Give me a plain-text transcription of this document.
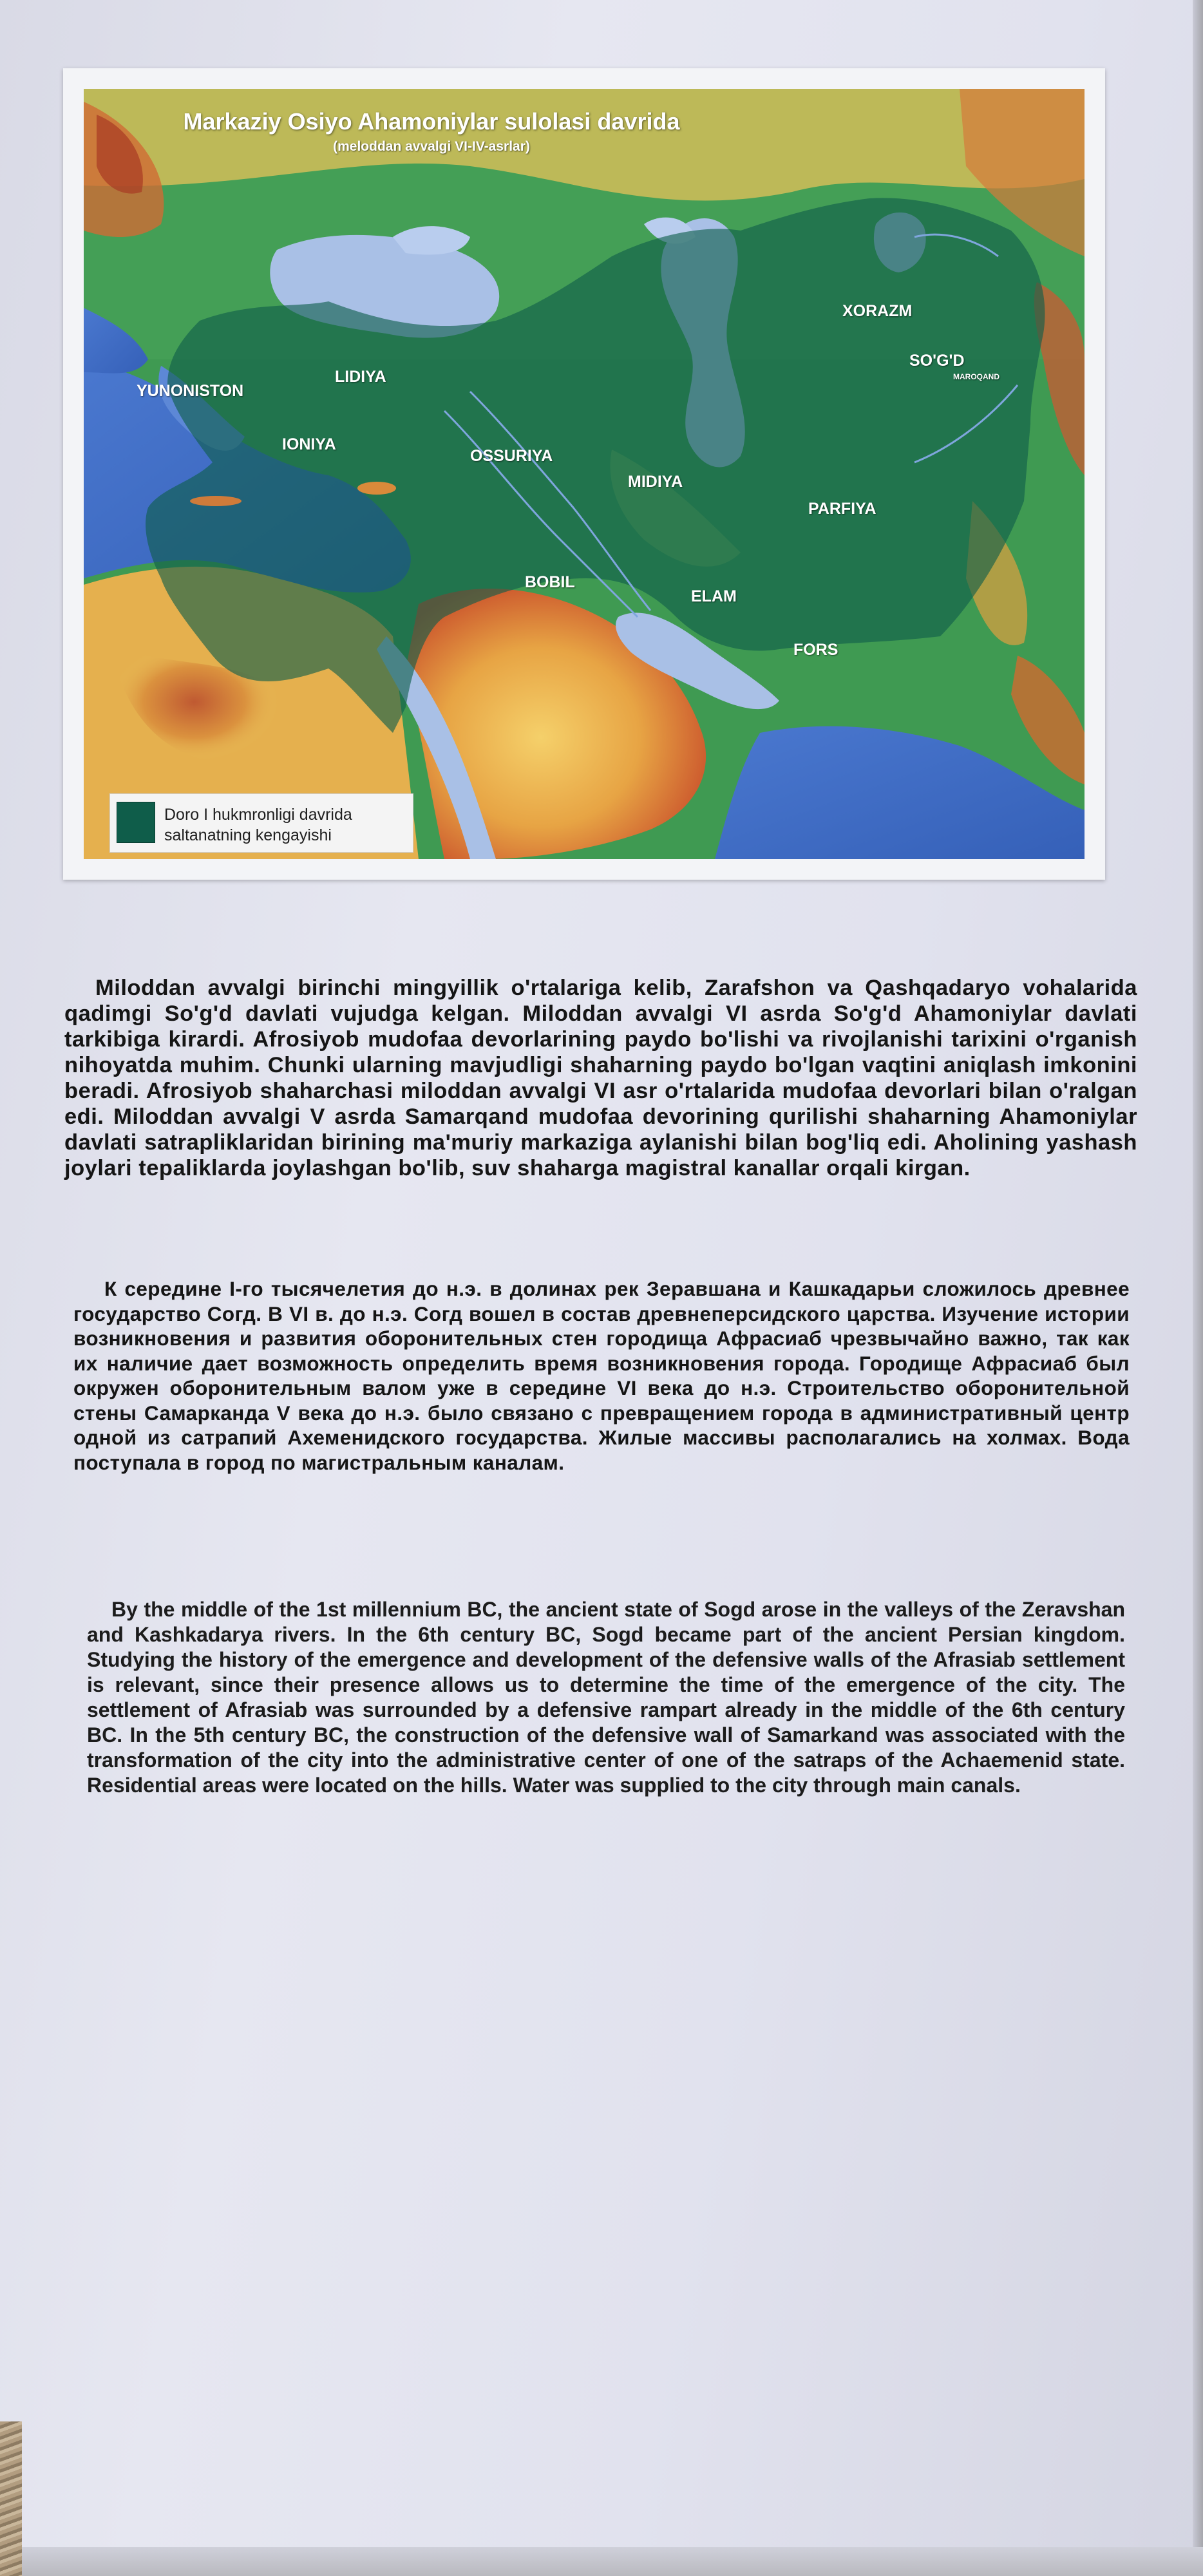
Markaziy Osiyo Ahamoniylar sulolasi davrida
(meloddan avvalgi VI-IV-asrlar)
YUNONISTON
LIDIYA
IONIYA
OSSURIYA
MIDIYA
BOBIL
ELAM
FORS
PARFIYA
XORAZM
SO'G'D
MAROQAND
Doro I hukmronligi davrida
saltanatning kengayishi

Miloddan avvalgi birinchi mingyillik o'rtalariga kelib, Zarafshon va Qashqadaryo vohalarida qadimgi So'g'd davlati vujudga kelgan. Miloddan avvalgi VI asrda So'g'd Ahamoniylar davlati tarkibiga kirardi. Afrosiyob mudofaa devorlarining paydo bo'lishi va rivojlanishi tarixini o'rganish nihoyatda muhim. Chunki ularning mavjudligi shaharning paydo bo'lgan vaqtini aniqlash imkonini beradi. Afrosiyob shaharchasi miloddan avvalgi VI asr o'rtalarida mudofaa devorlari bilan o'ralgan edi. Miloddan avvalgi V asrda Samarqand mudofaa devorining qurilishi shaharning Ahamoniylar davlati satrapliklaridan birining ma'muriy markaziga aylanishi bilan bog'liq edi. Aholining yashash joylari tepaliklarda joylashgan bo'lib, suv shaharga magistral kanallar orqali kirgan.

К середине I-го тысячелетия до н.э. в долинах рек Зеравшана и Кашкадарьи сложилось древнее государство Согд. В VI в. до н.э. Согд вошел в состав древнеперсидского царства. Изучение истории возникновения и развития оборонительных стен городища Афрасиаб чрезвычайно важно, так как их наличие дает возможность определить время возникновения города. Городище Афрасиаб был окружен оборонительным валом уже в середине VI века до н.э. Строительство оборонительной стены Самарканда V века до н.э. было связано с превращением города в административный центр одной из сатрапий Ахеменидского государства. Жилые массивы располагались на холмах. Вода поступала в город по магистральным каналам.

By the middle of the 1st millennium BC, the ancient state of Sogd arose in the valleys of the Zeravshan and Kashkadarya rivers. In the 6th century BC, Sogd became part of the ancient Persian kingdom. Studying the history of the emergence and development of the defensive walls of the Afrasiab settlement is relevant, since their presence allows us to determine the time of the emergence of the city. The settlement of Afrasiab was surrounded by a defensive rampart already in the middle of the 6th century BC. In the 5th century BC, the construction of the defensive wall of Samarkand was associated with the transformation of the city into the administrative center of one of the satraps of the Achaemenid state. Residential areas were located on the hills. Water was supplied to the city through main canals.
